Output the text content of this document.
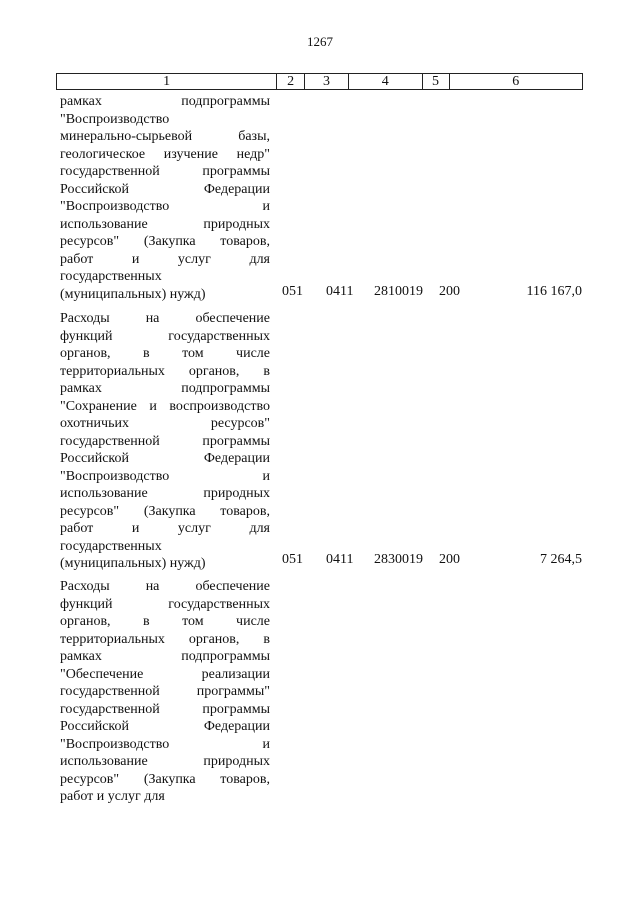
1267
1	2	3	4	5	6
рамках подпрограммы
"Воспроизводство
минерально-сырьевой базы,
геологическое изучение недр"
государственной программы
Российской Федерации
"Воспроизводство и
использование природных
ресурсов" (Закупка товаров,
работ и услуг для
государственных
(муниципальных) нужд)	051 0411 2810019 200	116 167,0
Расходы на обеспечение
функций государственных
органов, в том числе
территориальных органов, в
рамках подпрограммы
"Сохранение и воспроизводство
охотничьих ресурсов"
государственной программы
Российской Федерации
"Воспроизводство и
использование природных
ресурсов" (Закупка товаров,
работ и услуг для
государственных
(муниципальных) нужд)	051 0411 2830019 200	7 264,5
Расходы на обеспечение
функций государственных
органов, в том числе
территориальных органов, в
рамках подпрограммы
"Обеспечение реализации
государственной программы"
государственной программы
Российской Федерации
"Воспроизводство и
использование природных
ресурсов" (Закупка товаров,
работ и услуг для
